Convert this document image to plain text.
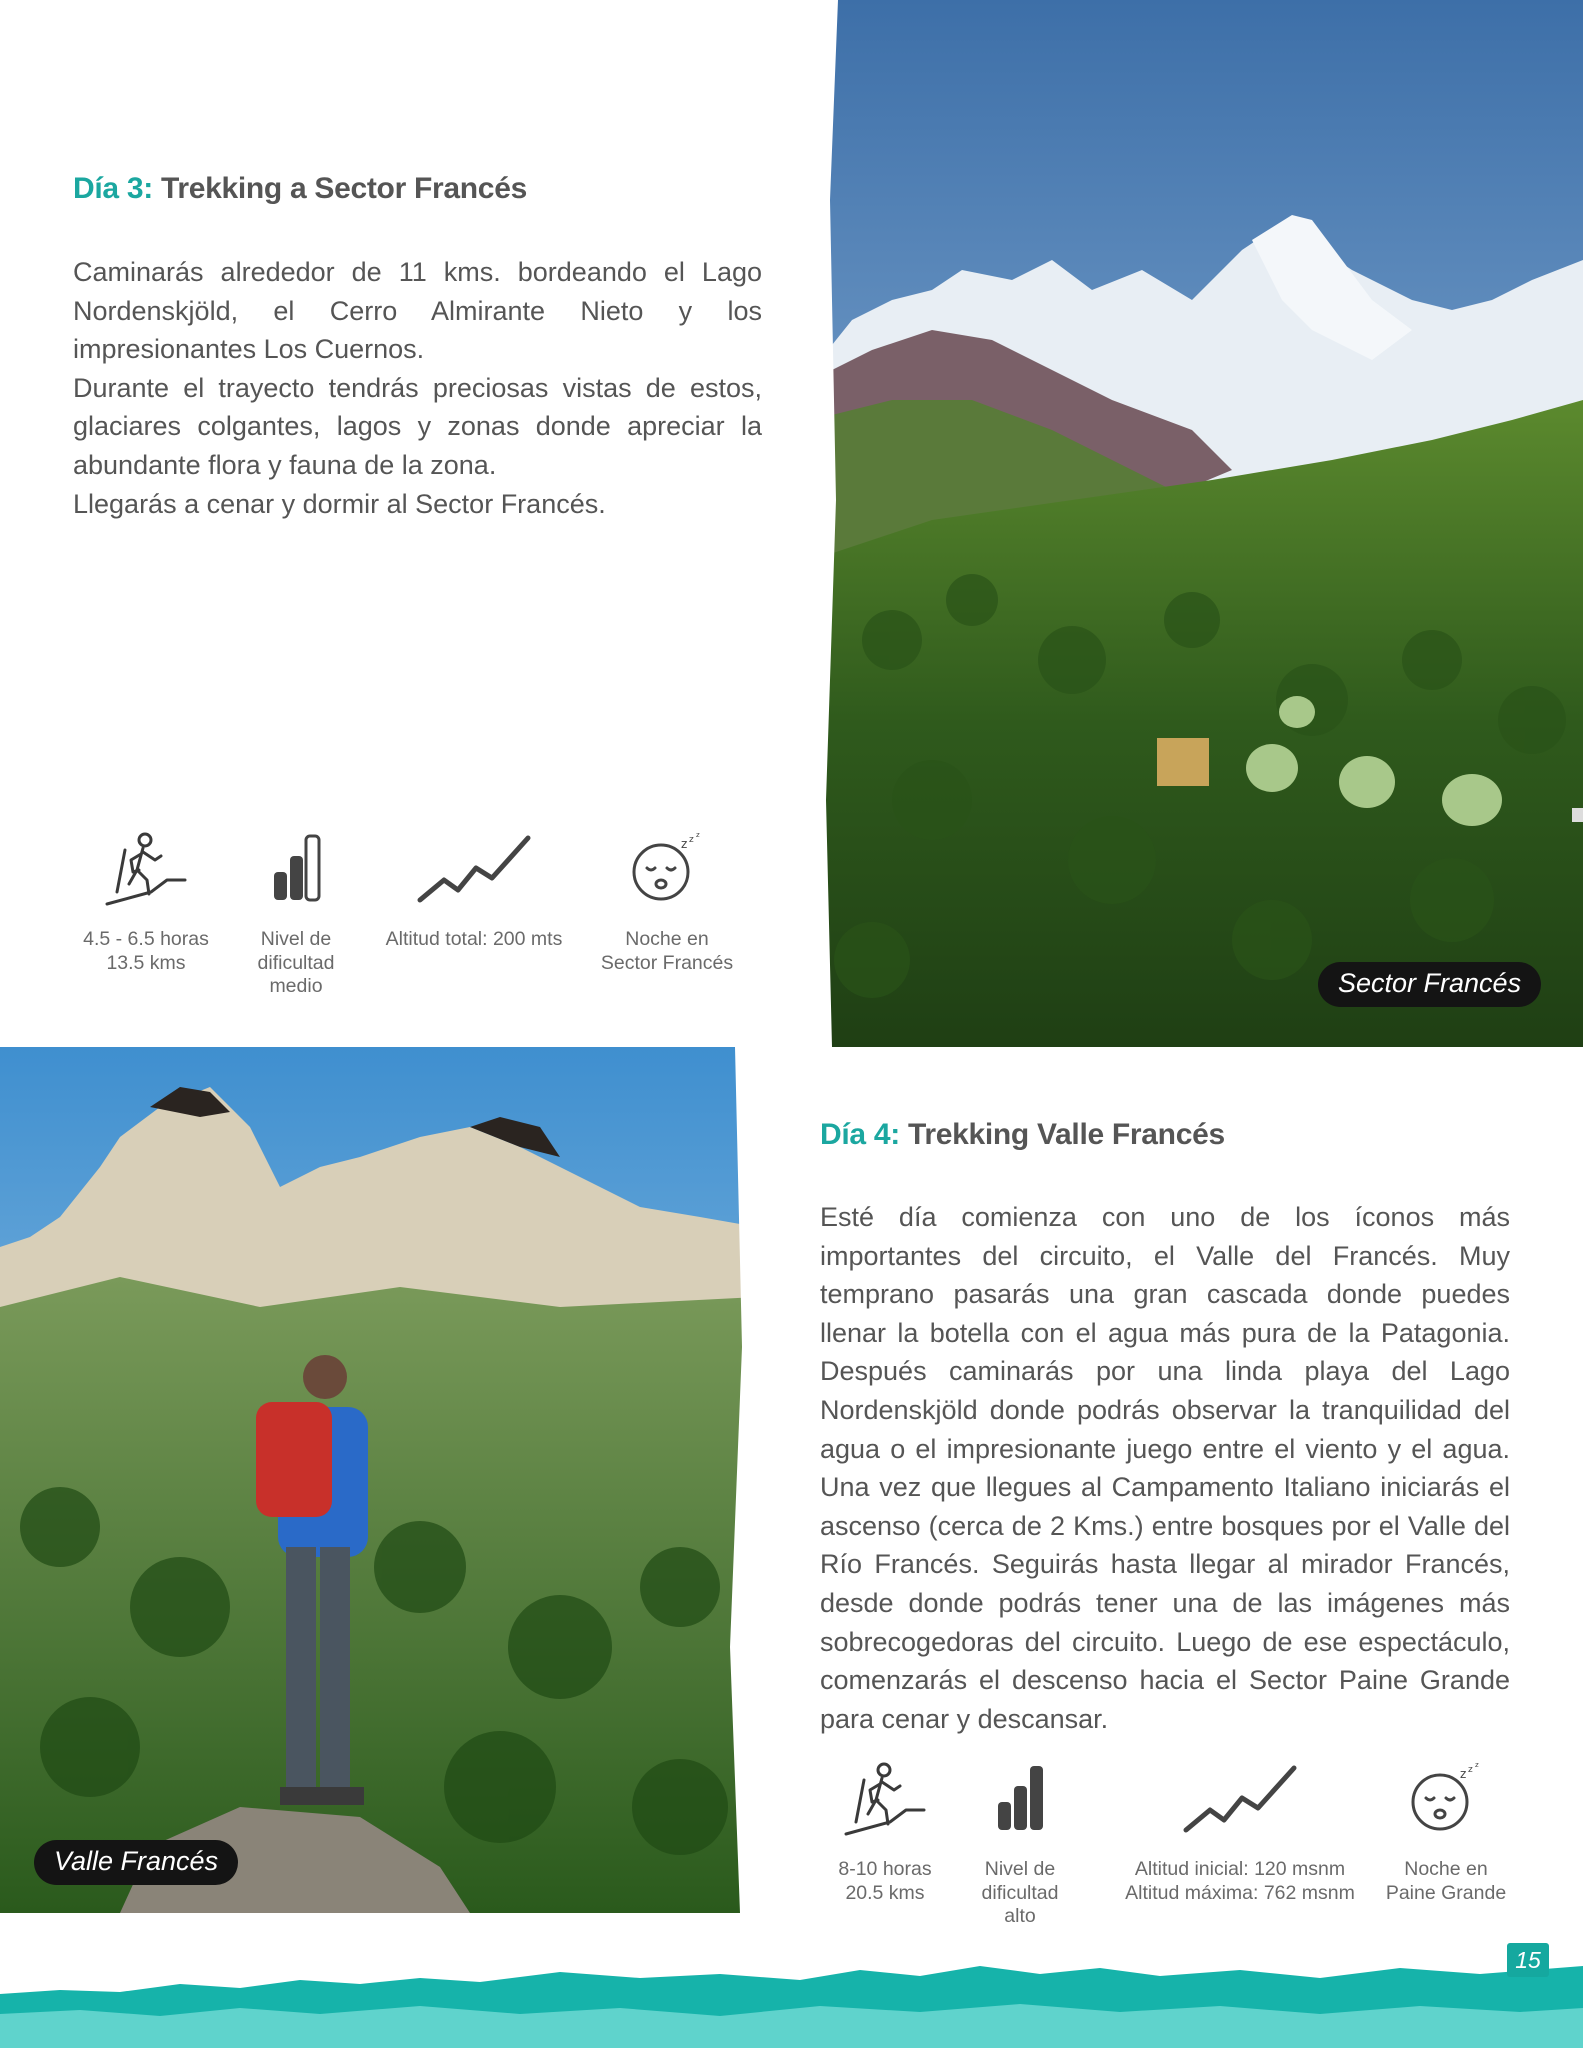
Día 3: Trekking a Sector Francés

Caminarás alrededor de 11 kms. bordeando el Lago Nordenskjöld, el Cerro Almirante Nieto y los impresionantes Los Cuernos.

Durante el trayecto tendrás preciosas vistas de estos, glaciares colgantes, lagos y zonas donde apreciar la abundante flora y fauna de la zona.

Llegarás a cenar y dormir al Sector Francés.

4.5 - 6.5 horas
13.5 kms
Nivel de
dificultad
medio
Altitud total: 200 mts
z z z
Noche en
Sector Francés
Sector Francés
Valle Francés
Día 4: Trekking Valle Francés

Esté día comienza con uno de los íconos más importantes del circuito, el Valle del Francés. Muy temprano pasarás una gran cascada donde puedes llenar la botella con el agua más pura de la Patagonia. Después caminarás por una linda playa del Lago Nordenskjöld donde podrás observar la tranquilidad del agua o el impresionante juego entre el viento y el agua. Una vez que llegues al Campamento Italiano iniciarás el ascenso (cerca de 2 Kms.) entre bosques por el Valle del Río Francés. Seguirás hasta llegar al mirador Francés, desde donde podrás tener una de las imágenes más sobrecogedoras del circuito. Luego de ese espectáculo, comenzarás el descenso hacia el Sector Paine Grande para cenar y descansar.

8-10 horas
20.5 kms
Nivel de
dificultad
alto
Altitud inicial: 120 msnm
Altitud máxima: 762 msnm
z z z
Noche en
Paine Grande
15
